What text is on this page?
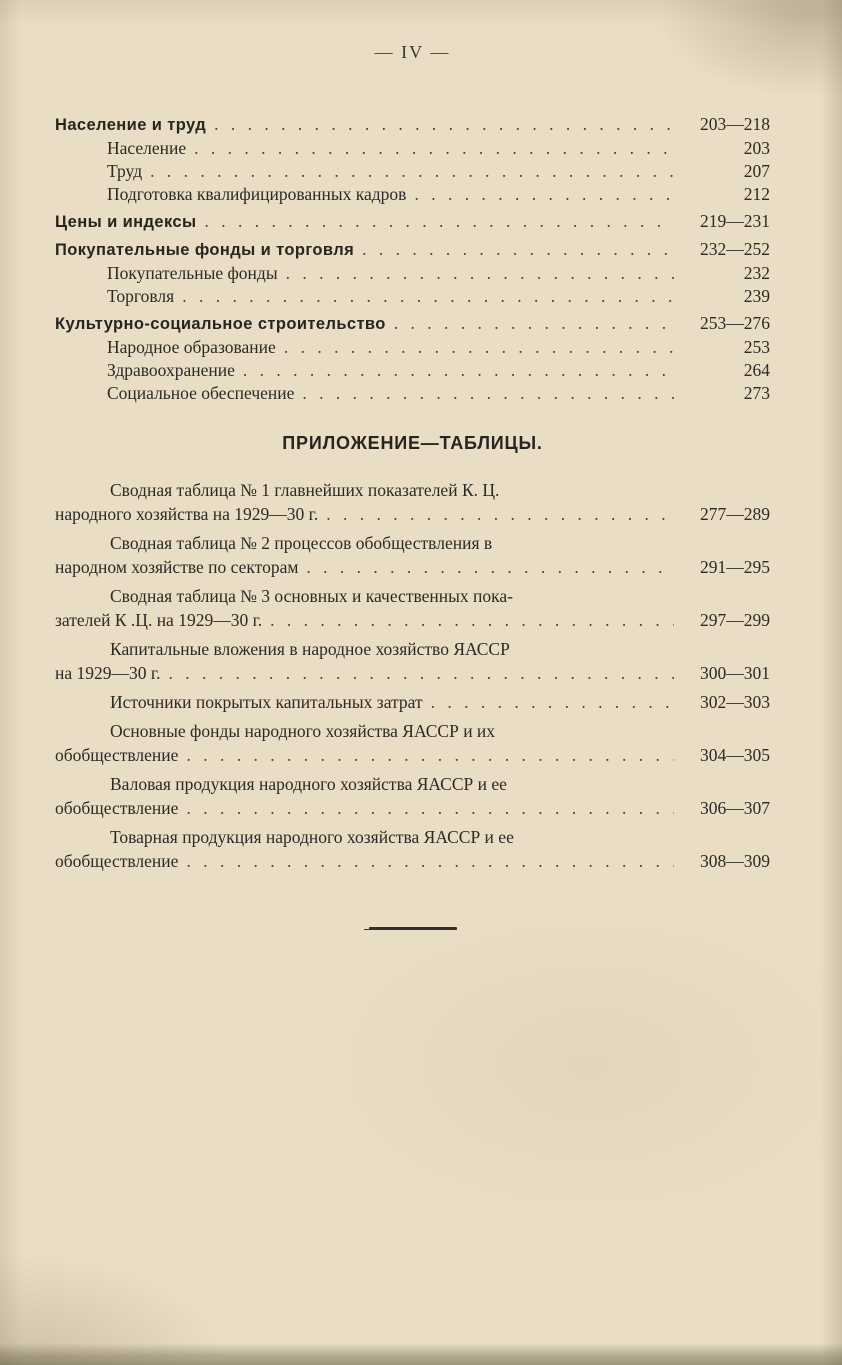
— IV —
Население и труд . . .	203—218
Население . . .	203
Труд . . .	207
Подготовка квалифицированных кадров . . .	212
Цены и индексы . . .	219—231
Покупательные фонды и торговля . . .	232—252
Покупательные фонды . . .	232
Торговля . . .	239
Культурно-социальное строительство . . .	253—276
Народное образование . . .	253
Здравоохранение . . .	264
Социальное обеспечение . . .	273
ПРИЛОЖЕНИЕ—ТАБЛИЦЫ.
Сводная таблица № 1 главнейших показателей К. Ц.
народного хозяйства на 1929—30 г. . . .	277—289
Сводная таблица № 2 процессов обобществления в
народном хозяйстве по секторам . . .	291—295
Сводная таблица № 3 основных и качественных пока-
зателей К .Ц. на 1929—30 г. . . .	297—299
Капитальные вложения в народное хозяйство ЯАССР
на 1929—30 г. . . .	300—301
Источники покрытых капитальных затрат . . .	302—303
Основные фонды народного хозяйства ЯАССР и их
обобществление . . .	304—305
Валовая продукция народного хозяйства ЯАССР и ее
обобществление . . .	306—307
Товарная продукция народного хозяйства ЯАССР и ее
обобществление . . .	308—309
